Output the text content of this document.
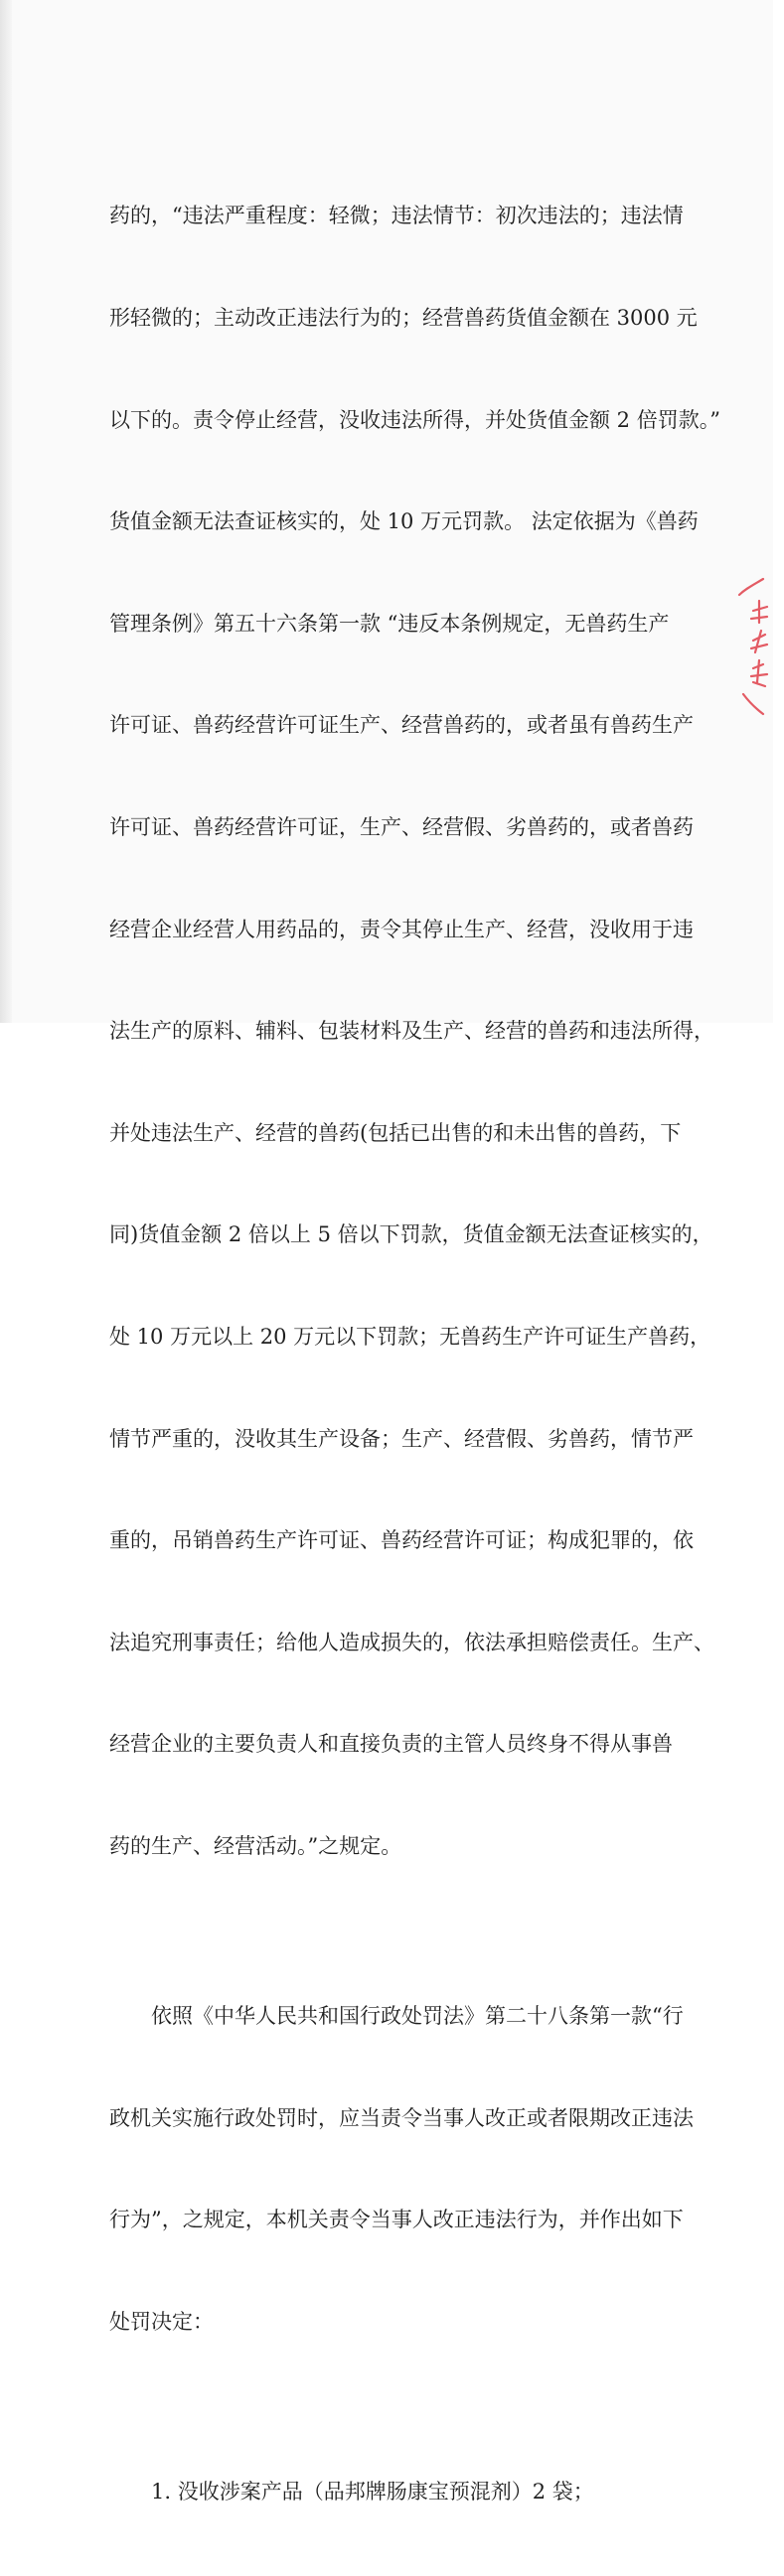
药的，“违法严重程度：轻微；违法情节：初次违法的；违法情

形轻微的；主动改正违法行为的；经营兽药货值金额在 3000 元

以下的。责令停止经营，没收违法所得，并处货值金额 2 倍罚款。”

货值金额无法查证核实的，处 10 万元罚款。 法定依据为《兽药

管理条例》第五十六条第一款 “违反本条例规定，无兽药生产

许可证、兽药经营许可证生产、经营兽药的，或者虽有兽药生产

许可证、兽药经营许可证，生产、经营假、劣兽药的，或者兽药

经营企业经营人用药品的，责令其停止生产、经营，没收用于违

法生产的原料、辅料、包装材料及生产、经营的兽药和违法所得，

并处违法生产、经营的兽药(包括已出售的和未出售的兽药，下

同)货值金额 2 倍以上 5 倍以下罚款，货值金额无法查证核实的，

处 10 万元以上 20 万元以下罚款；无兽药生产许可证生产兽药，

情节严重的，没收其生产设备；生产、经营假、劣兽药，情节严

重的，吊销兽药生产许可证、兽药经营许可证；构成犯罪的，依

法追究刑事责任；给他人造成损失的，依法承担赔偿责任。生产、

经营企业的主要负责人和直接负责的主管人员终身不得从事兽

药的生产、经营活动。”之规定。

依照《中华人民共和国行政处罚法》第二十八条第一款“行

政机关实施行政处罚时，应当责令当事人改正或者限期改正违法

行为”，之规定，本机关责令当事人改正违法行为，并作出如下

处罚决定：

1. 没收涉案产品（品邦牌肠康宝预混剂）2 袋；
